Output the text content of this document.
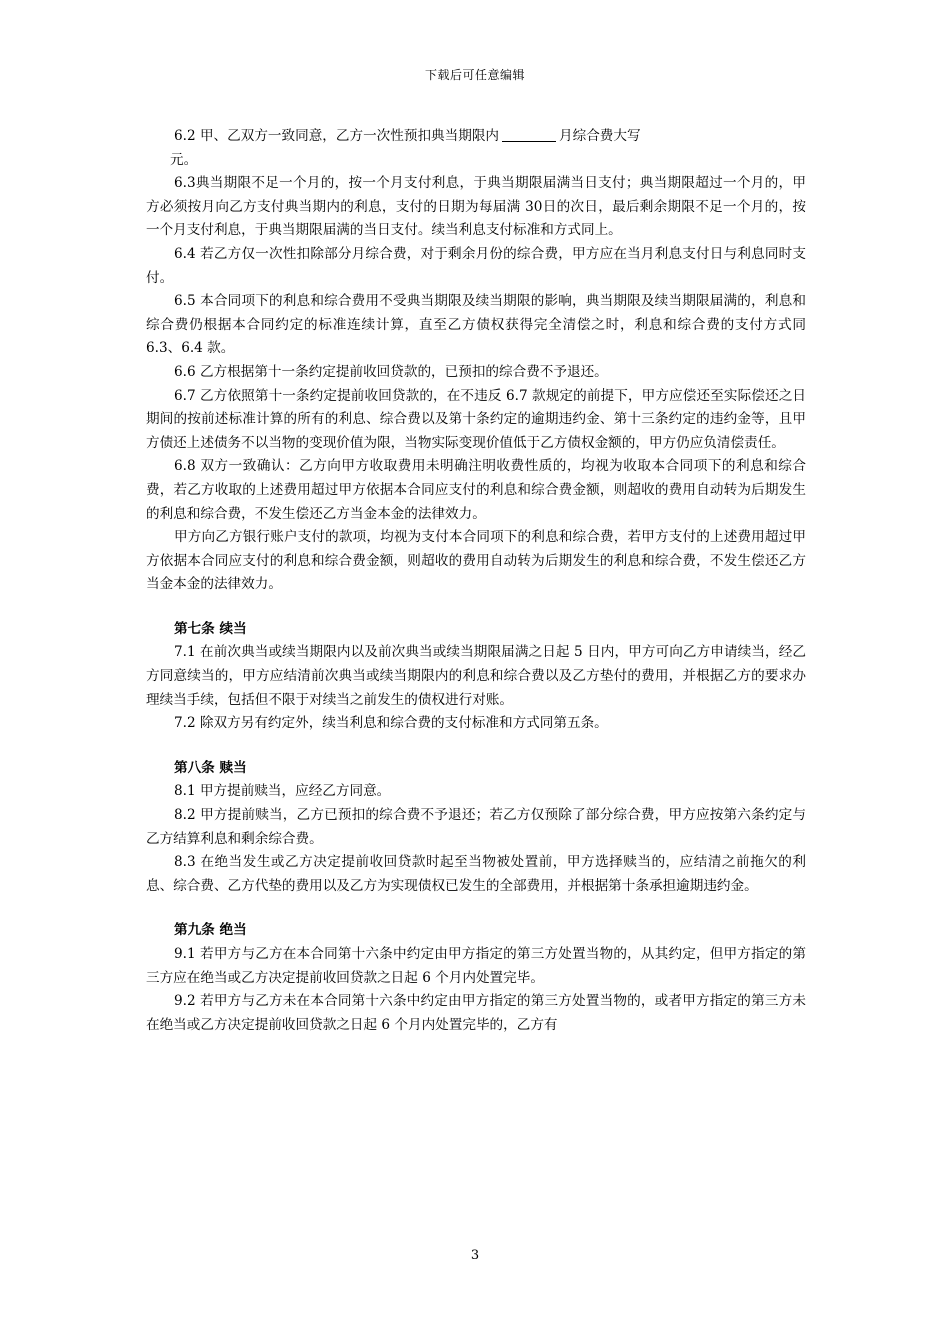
下载后可任意编辑
6.2 甲、乙双方一致同意，乙方一次性预扣典当期限内	月综合费大写
元。

6.3典当期限不足一个月的，按一个月支付利息，于典当期限届满当日支付；典当期限超过一个月的，甲方必须按月向乙方支付典当期内的利息，支付的日期为每届满 30日的次日，最后剩余期限不足一个月的，按一个月支付利息，于典当期限届满的当日支付。续当利息支付标准和方式同上。

6.4 若乙方仅一次性扣除部分月综合费，对于剩余月份的综合费，甲方应在当月利息支付日与利息同时支付。

6.5 本合同项下的利息和综合费用不受典当期限及续当期限的影响，典当期限及续当期限届满的，利息和综合费仍根据本合同约定的标准连续计算，直至乙方债权获得完全清偿之时，利息和综合费的支付方式同 6.3、6.4 款。

6.6 乙方根据第十一条约定提前收回贷款的，已预扣的综合费不予退还。

6.7 乙方依照第十一条约定提前收回贷款的，在不违反 6.7 款规定的前提下，甲方应偿还至实际偿还之日期间的按前述标准计算的所有的利息、综合费以及第十条约定的逾期违约金、第十三条约定的违约金等，且甲方债还上述债务不以当物的变现价值为限，当物实际变现价值低于乙方债权金额的，甲方仍应负清偿责任。

6.8 双方一致确认：乙方向甲方收取费用未明确注明收费性质的，均视为收取本合同项下的利息和综合费，若乙方收取的上述费用超过甲方依据本合同应支付的利息和综合费金额，则超收的费用自动转为后期发生的利息和综合费，不发生偿还乙方当金本金的法律效力。

甲方向乙方银行账户支付的款项，均视为支付本合同项下的利息和综合费，若甲方支付的上述费用超过甲方依据本合同应支付的利息和综合费金额，则超收的费用自动转为后期发生的利息和综合费，不发生偿还乙方当金本金的法律效力。

第七条 续当

7.1 在前次典当或续当期限内以及前次典当或续当期限届满之日起 5 日内，甲方可向乙方申请续当，经乙方同意续当的，甲方应结清前次典当或续当期限内的利息和综合费以及乙方垫付的费用，并根据乙方的要求办理续当手续，包括但不限于对续当之前发生的债权进行对账。

7.2 除双方另有约定外，续当利息和综合费的支付标准和方式同第五条。

第八条 赎当

8.1 甲方提前赎当，应经乙方同意。

8.2 甲方提前赎当，乙方已预扣的综合费不予退还；若乙方仅预除了部分综合费，甲方应按第六条约定与乙方结算利息和剩余综合费。

8.3 在绝当发生或乙方决定提前收回贷款时起至当物被处置前，甲方选择赎当的，应结清之前拖欠的利息、综合费、乙方代垫的费用以及乙方为实现债权已发生的全部费用，并根据第十条承担逾期违约金。

第九条 绝当

9.1 若甲方与乙方在本合同第十六条中约定由甲方指定的第三方处置当物的，从其约定，但甲方指定的第三方应在绝当或乙方决定提前收回贷款之日起 6 个月内处置完毕。

9.2 若甲方与乙方未在本合同第十六条中约定由甲方指定的第三方处置当物的，或者甲方指定的第三方未在绝当或乙方决定提前收回贷款之日起 6 个月内处置完毕的，乙方有

3
